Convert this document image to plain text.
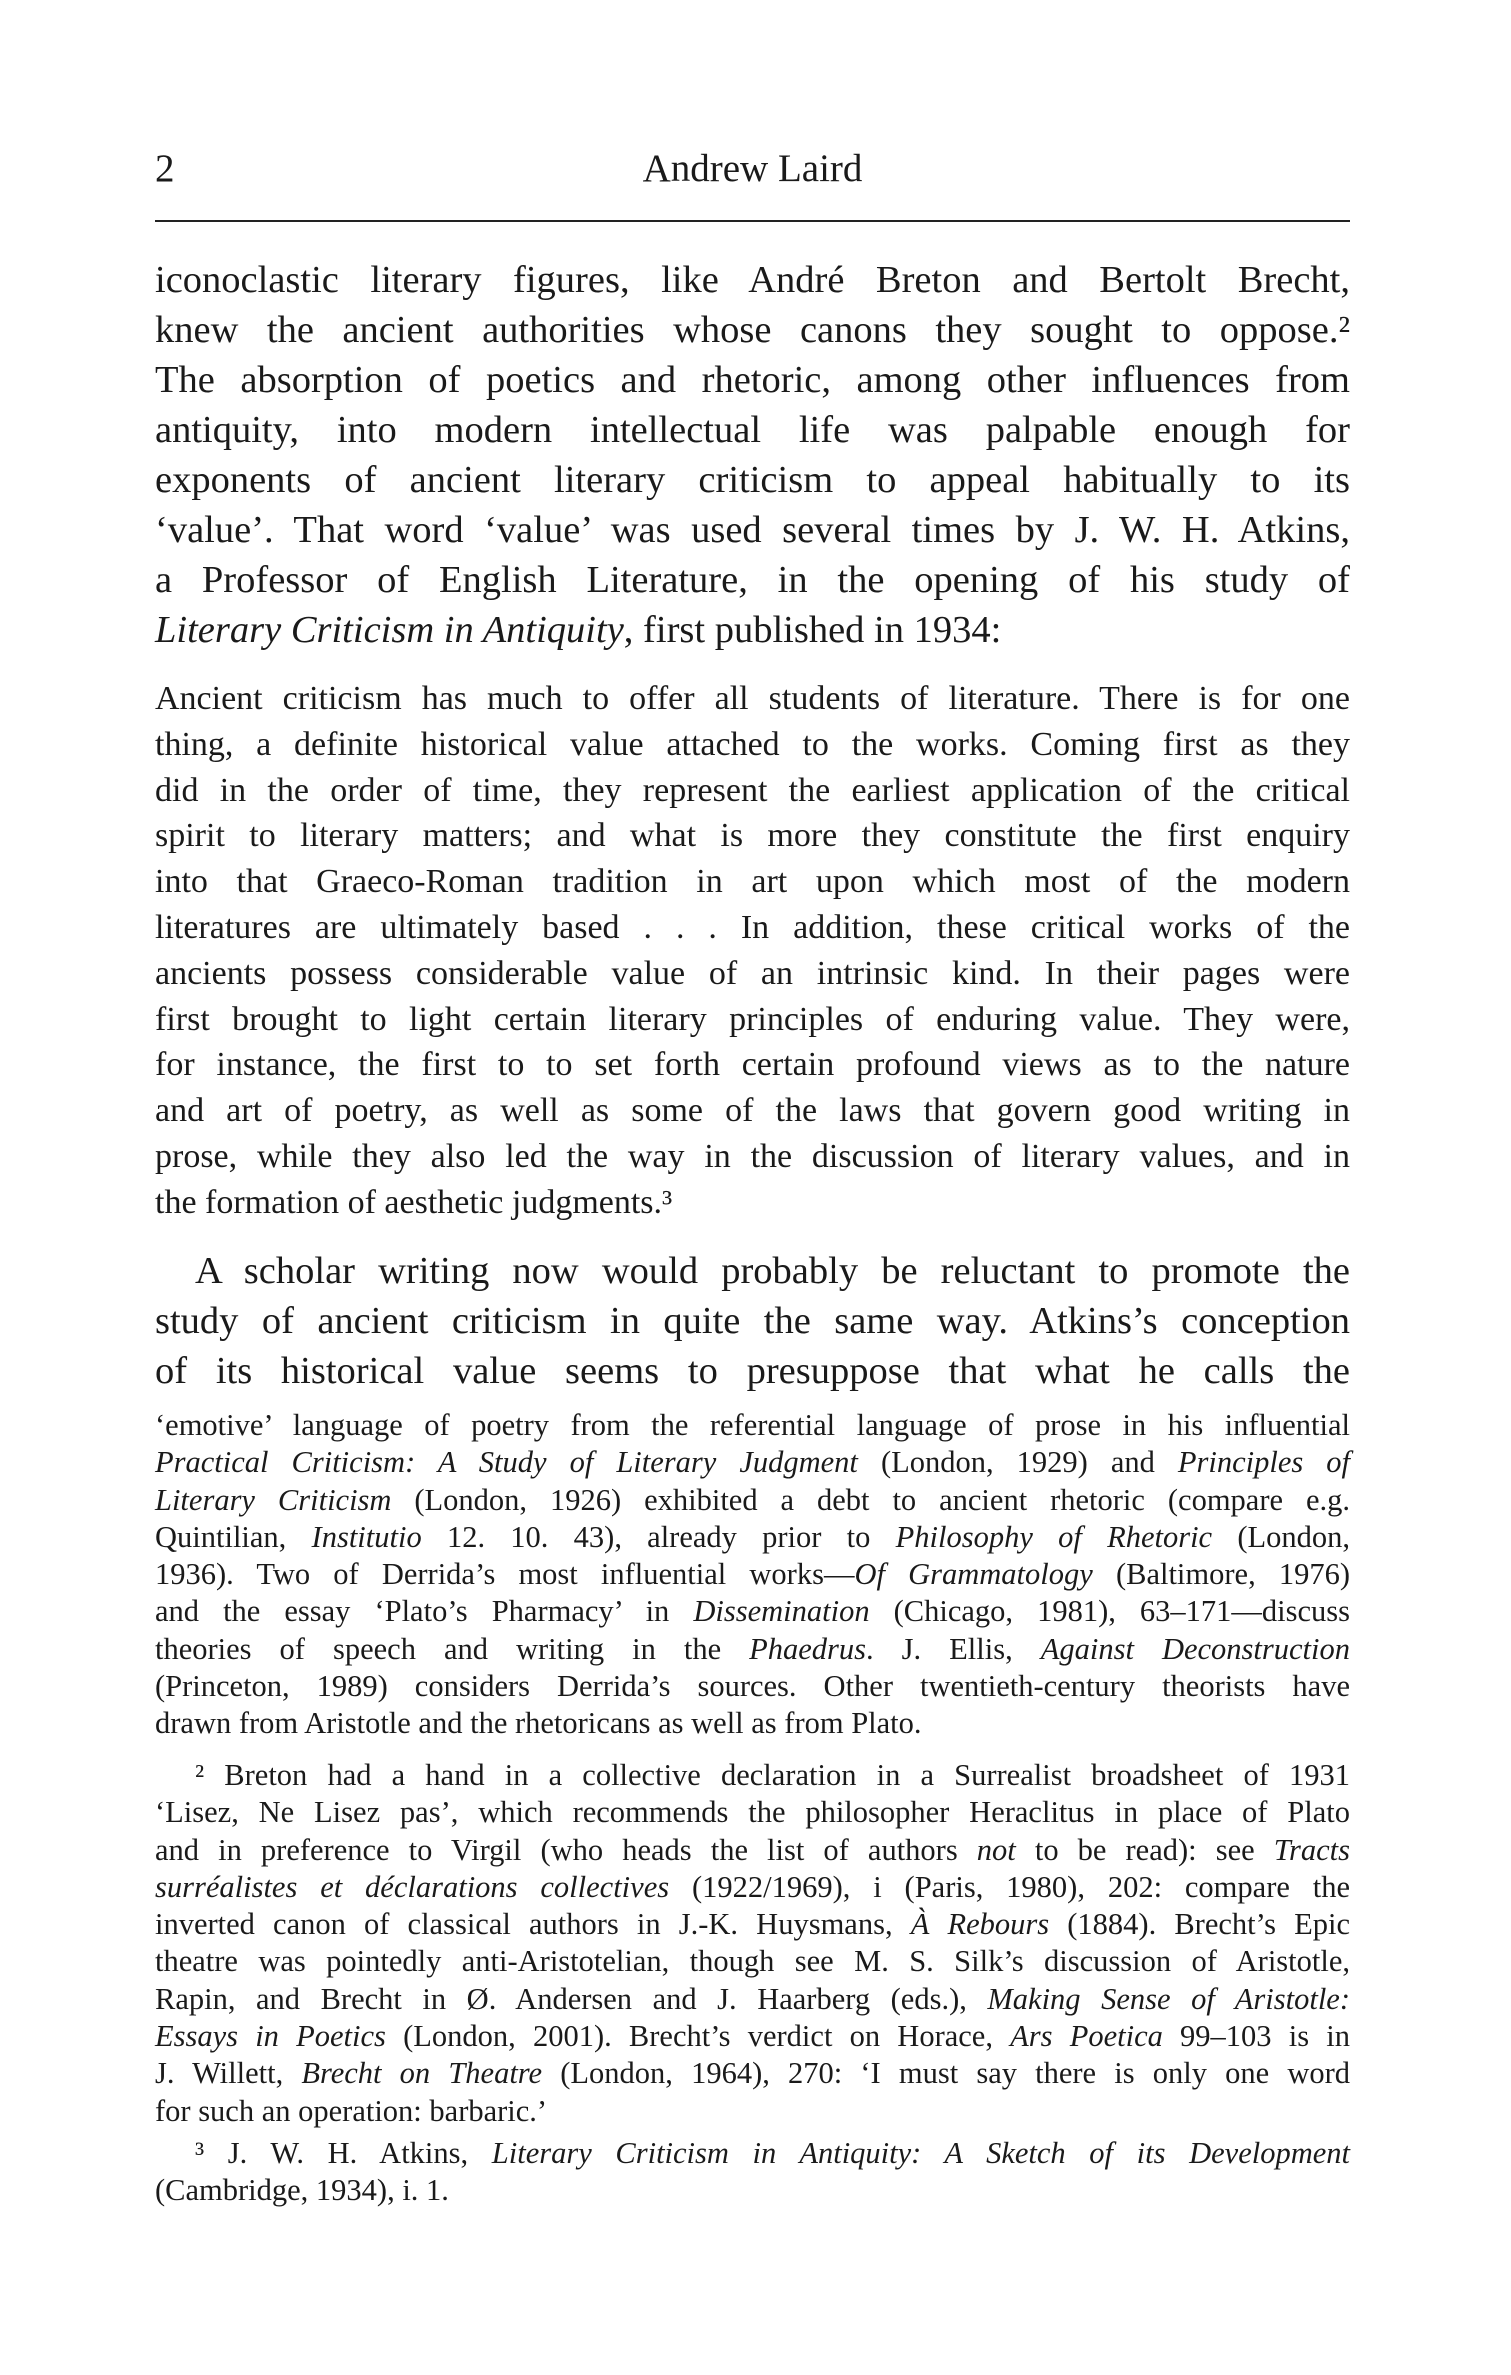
2	Andrew Laird
iconoclastic literary figures, like André Breton and Bertolt Brecht,
knew the ancient authorities whose canons they sought to oppose.²
The absorption of poetics and rhetoric, among other influences from
antiquity, into modern intellectual life was palpable enough for
exponents of ancient literary criticism to appeal habitually to its
‘value’. That word ‘value’ was used several times by J. W. H. Atkins,
a Professor of English Literature, in the opening of his study of
Literary Criticism in Antiquity, first published in 1934:
Ancient criticism has much to offer all students of literature. There is for one
thing, a definite historical value attached to the works. Coming first as they
did in the order of time, they represent the earliest application of the critical
spirit to literary matters; and what is more they constitute the first enquiry
into that Graeco-Roman tradition in art upon which most of the modern
literatures are ultimately based . . . In addition, these critical works of the
ancients possess considerable value of an intrinsic kind. In their pages were
first brought to light certain literary principles of enduring value. They were,
for instance, the first to to set forth certain profound views as to the nature
and art of poetry, as well as some of the laws that govern good writing in
prose, while they also led the way in the discussion of literary values, and in
the formation of aesthetic judgments.³
A scholar writing now would probably be reluctant to promote the
study of ancient criticism in quite the same way. Atkins’s conception
of its historical value seems to presuppose that what he calls the
‘emotive’ language of poetry from the referential language of prose in his influential
Practical Criticism: A Study of Literary Judgment (London, 1929) and Principles of
Literary Criticism (London, 1926) exhibited a debt to ancient rhetoric (compare e.g.
Quintilian, Institutio 12. 10. 43), already prior to Philosophy of Rhetoric (London,
1936). Two of Derrida’s most influential works—Of Grammatology (Baltimore, 1976)
and the essay ‘Plato’s Pharmacy’ in Dissemination (Chicago, 1981), 63–171—discuss
theories of speech and writing in the Phaedrus. J. Ellis, Against Deconstruction
(Princeton, 1989) considers Derrida’s sources. Other twentieth-century theorists have
drawn from Aristotle and the rhetoricans as well as from Plato.
² Breton had a hand in a collective declaration in a Surrealist broadsheet of 1931
‘Lisez, Ne Lisez pas’, which recommends the philosopher Heraclitus in place of Plato
and in preference to Virgil (who heads the list of authors not to be read): see Tracts
surréalistes et déclarations collectives (1922/1969), i (Paris, 1980), 202: compare the
inverted canon of classical authors in J.-K. Huysmans, À Rebours (1884). Brecht’s Epic
theatre was pointedly anti-Aristotelian, though see M. S. Silk’s discussion of Aristotle,
Rapin, and Brecht in Ø. Andersen and J. Haarberg (eds.), Making Sense of Aristotle:
Essays in Poetics (London, 2001). Brecht’s verdict on Horace, Ars Poetica 99–103 is in
J. Willett, Brecht on Theatre (London, 1964), 270: ‘I must say there is only one word
for such an operation: barbaric.’
³ J. W. H. Atkins, Literary Criticism in Antiquity: A Sketch of its Development
(Cambridge, 1934), i. 1.
